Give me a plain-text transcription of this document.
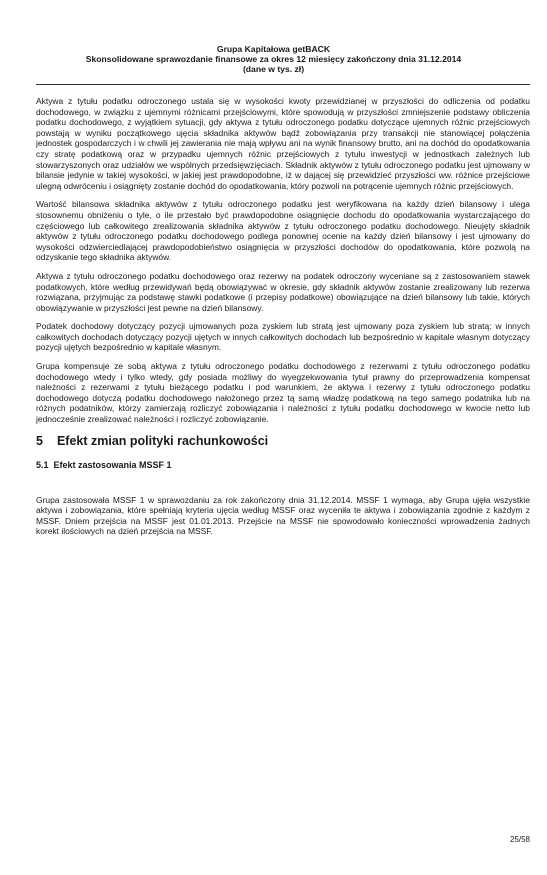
Grupa Kapitałowa getBACK
Skonsolidowane sprawozdanie finansowe za okres 12 miesięcy zakończony dnia 31.12.2014
(dane w tys. zł)

Aktywa z tytułu podatku odroczonego ustala się w wysokości kwoty przewidzianej w przyszłości do odliczenia od podatku dochodowego, w związku z ujemnymi różnicami przejściowymi, które spowodują w przyszłości zmniejszenie podstawy obliczenia podatku dochodowego, z wyjątkiem sytuacji, gdy aktywa z tytułu odroczonego podatku dotyczące ujemnych różnic przejściowych powstają w wyniku początkowego ujęcia składnika aktywów bądź zobowiązania przy transakcji nie stanowiącej połączenia jednostek gospodarczych i w chwili jej zawierania nie mają wpływu ani na wynik finansowy brutto, ani na dochód do opodatkowania czy stratę podatkową oraz w przypadku ujemnych różnic przejściowych z tytułu inwestycji w jednostkach zależnych lub stowarzyszonych oraz udziałów we wspólnych przedsięwzięciach. Składnik aktywów z tytułu odroczonego podatku jest ujmowany w bilansie jedynie w takiej wysokości, w jakiej jest prawdopodobne, iż w dającej się przewidzieć przyszłości ww. różnice przejściowe ulegną odwróceniu i osiągnięty zostanie dochód do opodatkowania, który pozwoli na potrącenie ujemnych różnic przejściowych.

Wartość bilansowa składnika aktywów z tytułu odroczonego podatku jest weryfikowana na każdy dzień bilansowy i ulega stosownemu obniżeniu o tyle, o ile przestało być prawdopodobne osiągnięcie dochodu do opodatkowania wystarczającego do częściowego lub całkowitego zrealizowania składnika aktywów z tytułu odroczonego podatku dochodowego. Nieujęty składnik aktywów z tytułu odroczonego podatku dochodowego podlega ponownej ocenie na każdy dzień bilansowy i jest ujmowany do wysokości odzwierciedlającej prawdopodobieństwo osiągnięcia w przyszłości dochodów do opodatkowania, które pozwolą na odzyskanie tego składnika aktywów.

Aktywa z tytułu odroczonego podatku dochodowego oraz rezerwy na podatek odroczony wyceniane są z zastosowaniem stawek podatkowych, które według przewidywań będą obowiązywać w okresie, gdy składnik aktywów zostanie zrealizowany lub rezerwa rozwiązana, przyjmując za podstawę stawki podatkowe (i przepisy podatkowe) obowiązujące na dzień bilansowy lub takie, których obowiązywanie w przyszłości jest pewne na dzień bilansowy.

Podatek dochodowy dotyczący pozycji ujmowanych poza zyskiem lub stratą jest ujmowany poza zyskiem lub stratą: w innych całkowitych dochodach dotyczący pozycji ujętych w innych całkowitych dochodach lub bezpośrednio w kapitale własnym dotyczący pozycji ujętych bezpośrednio w kapitale własnym.

Grupa kompensuje ze sobą aktywa z tytułu odroczonego podatku dochodowego z rezerwami z tytułu odroczonego podatku dochodowego wtedy i tylko wtedy, gdy posiada możliwy do wyegzekwowania tytuł prawny do przeprowadzenia kompensat należności z rezerwami z tytułu bieżącego podatku i pod warunkiem, że aktywa i rezerwy z tytułu odroczonego podatku dochodowego dotyczą podatku dochodowego nałożonego przez tą samą władzę podatkową na tego samego podatnika lub na różnych podatników, którzy zamierzają rozliczyć zobowiązania i należności z tytułu podatku dochodowego w kwocie netto lub jednocześnie zrealizować należności i rozliczyć zobowiązanie.

5 Efekt zmian polityki rachunkowości
5.1 Efekt zastosowania MSSF 1

Grupa zastosowała MSSF 1 w sprawozdaniu za rok zakończony dnia 31.12.2014. MSSF 1 wymaga, aby Grupa ujęła wszystkie aktywa i zobowiązania, które spełniają kryteria ujęcia według MSSF oraz wyceniła te aktywa i zobowiązania zgodnie z każdym z MSSF. Dniem przejścia na MSSF jest 01.01.2013. Przejście na MSSF nie spowodowało konieczności wprowadzenia żadnych korekt ilościowych na dzień przejścia na MSSF.

25/58
